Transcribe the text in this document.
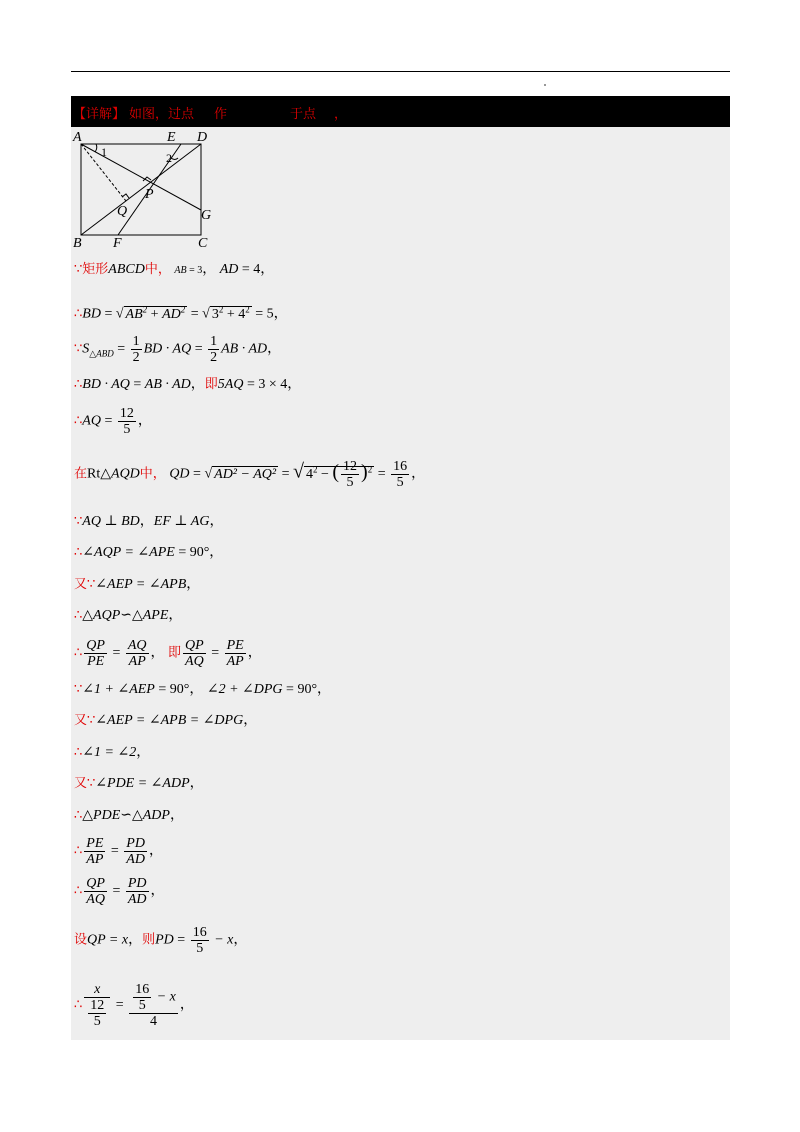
【详解】 如图，过点 作	于点 ，
A	E D
1	2
P
Q	G
B F	C
∵矩形ABCD中， AB = 3， AD = 4，
∴BD = √ $AB^2 + AD^2$ = √ $3^2 + 4^2 = 5$，
$\because S_{\triangle ABD} = \frac{1}{2}$ BD · AQ = $\frac{1}{2}$ AB · AD，
∴BD · AQ = AB · AD，即5AQ = 3 × 4，
∴AQ = $\frac{12}{5}$ ，
在Rt△AQD中， QD = √ AD² − AQ² = √ $4^2$ − ( $\frac{12}{5} )^2 = \frac{16}{5}$ ，
∵AQ ⊥ BD，EF ⊥ AG，
∴∠AQP = ∠APE = 90°，
又∵∠AEP = ∠APB，
∴△AQP∽△APE，
∴ $\frac{QP}{PE} = \frac{AQ}{AP}$ ， 即 $\frac{QP}{AQ} = \frac{PE}{AP}$ ，
∵∠1 + ∠AEP = 90°， ∠2 + ∠DPG = 90°，
又∵∠AEP = ∠APB = ∠DPG，
∴∠1 = ∠2，
又∵∠PDE = ∠ADP，
∴△PDE∽△ADP，
∴ $\frac{PE}{AP} = \frac{PD}{AD}$ ，
∴ $\frac{QP}{AQ} = \frac{PD}{AD}$ ，
设QP = x，则PD = $\frac{16}{5} - x$，
∴ x
12
$5 = \frac{\frac{16}{5} - x}{4}$ ，
